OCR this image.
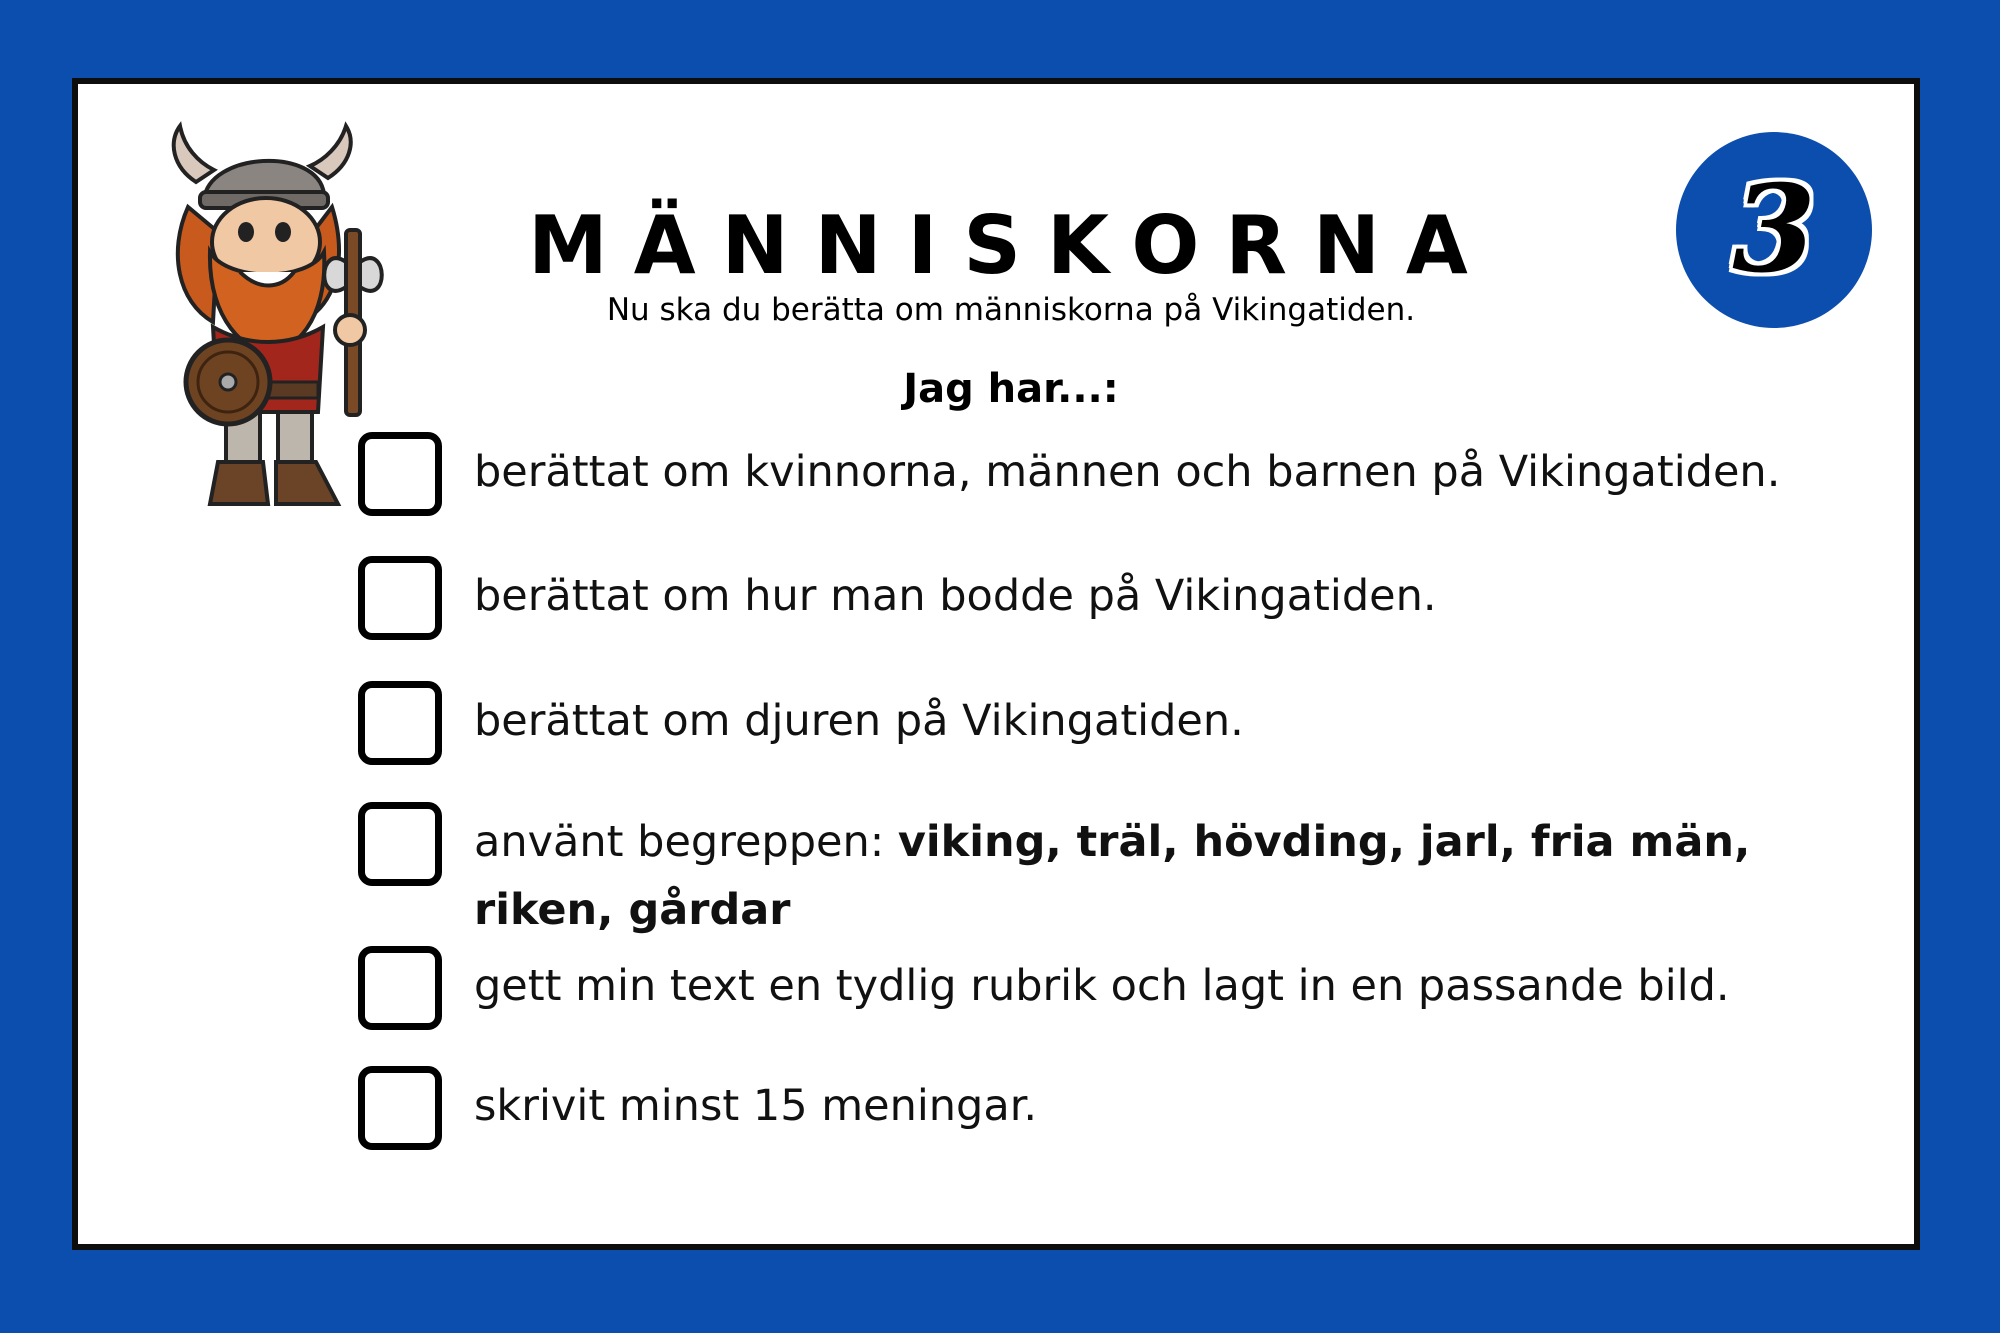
MÄNNISKORNA
Nu ska du berätta om människorna på Vikingatiden.
3
Jag har...:
berättat om kvinnorna, männen och barnen på Vikingatiden.
berättat om hur man bodde på Vikingatiden.
berättat om djuren på Vikingatiden.
använt begreppen: viking, träl, hövding, jarl, fria män, riken, gårdar
gett min text en tydlig rubrik och lagt in en passande bild.
skrivit minst 15 meningar.
